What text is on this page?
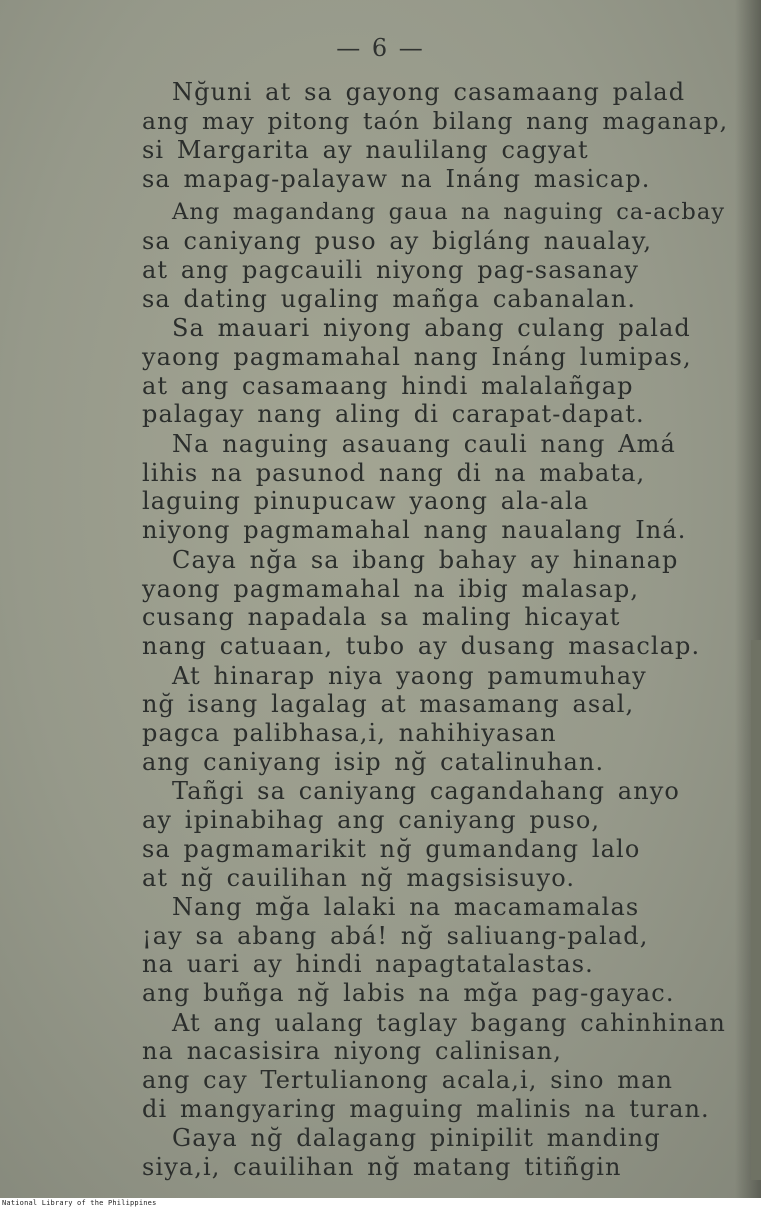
— 6 —
Nğuni at sa gayong casamaang palad
ang may pitong taón bilang nang maganap,
si Margarita ay naulilang cagyat
sa mapag-palayaw na Ináng masicap.
Ang magandang gaua na naguing ca-acbay
sa caniyang puso ay bigláng naualay,
at ang pagcauili niyong pag-sasanay
sa dating ugaling mañga cabanalan.
Sa mauari niyong abang culang palad
yaong pagmamahal nang Ináng lumipas,
at ang casamaang hindi malalañgap
palagay nang aling di carapat-dapat.
Na naguing asauang cauli nang Amá
lihis na pasunod nang di na mabata,
laguing pinupucaw yaong ala-ala
niyong pagmamahal nang naualang Iná.
Caya nğa sa ibang bahay ay hinanap
yaong pagmamahal na ibig malasap,
cusang napadala sa maling hicayat
nang catuaan, tubo ay dusang masaclap.
At hinarap niya yaong pamumuhay
nğ isang lagalag at masamang asal,
pagca palibhasa,i, nahihiyasan
ang caniyang isip nğ catalinuhan.
Tañgi sa caniyang cagandahang anyo
ay ipinabihag ang caniyang puso,
sa pagmamarikit nğ gumandang lalo
at nğ cauilihan nğ magsisisuyo.
Nang mğa lalaki na macamamalas
¡ay sa abang abá! nğ saliuang-palad,
na uari ay hindi napagtatalastas.
ang buñga nğ labis na mğa pag-gayac.
At ang ualang taglay bagang cahinhinan
na nacasisira niyong calinisan,
ang cay Tertulianong acala,i, sino man
di mangyaring maguing malinis na turan.
Gaya nğ dalagang pinipilit manding
siya,i, cauilihan nğ matang titiñgin
National Library of the Philippines
